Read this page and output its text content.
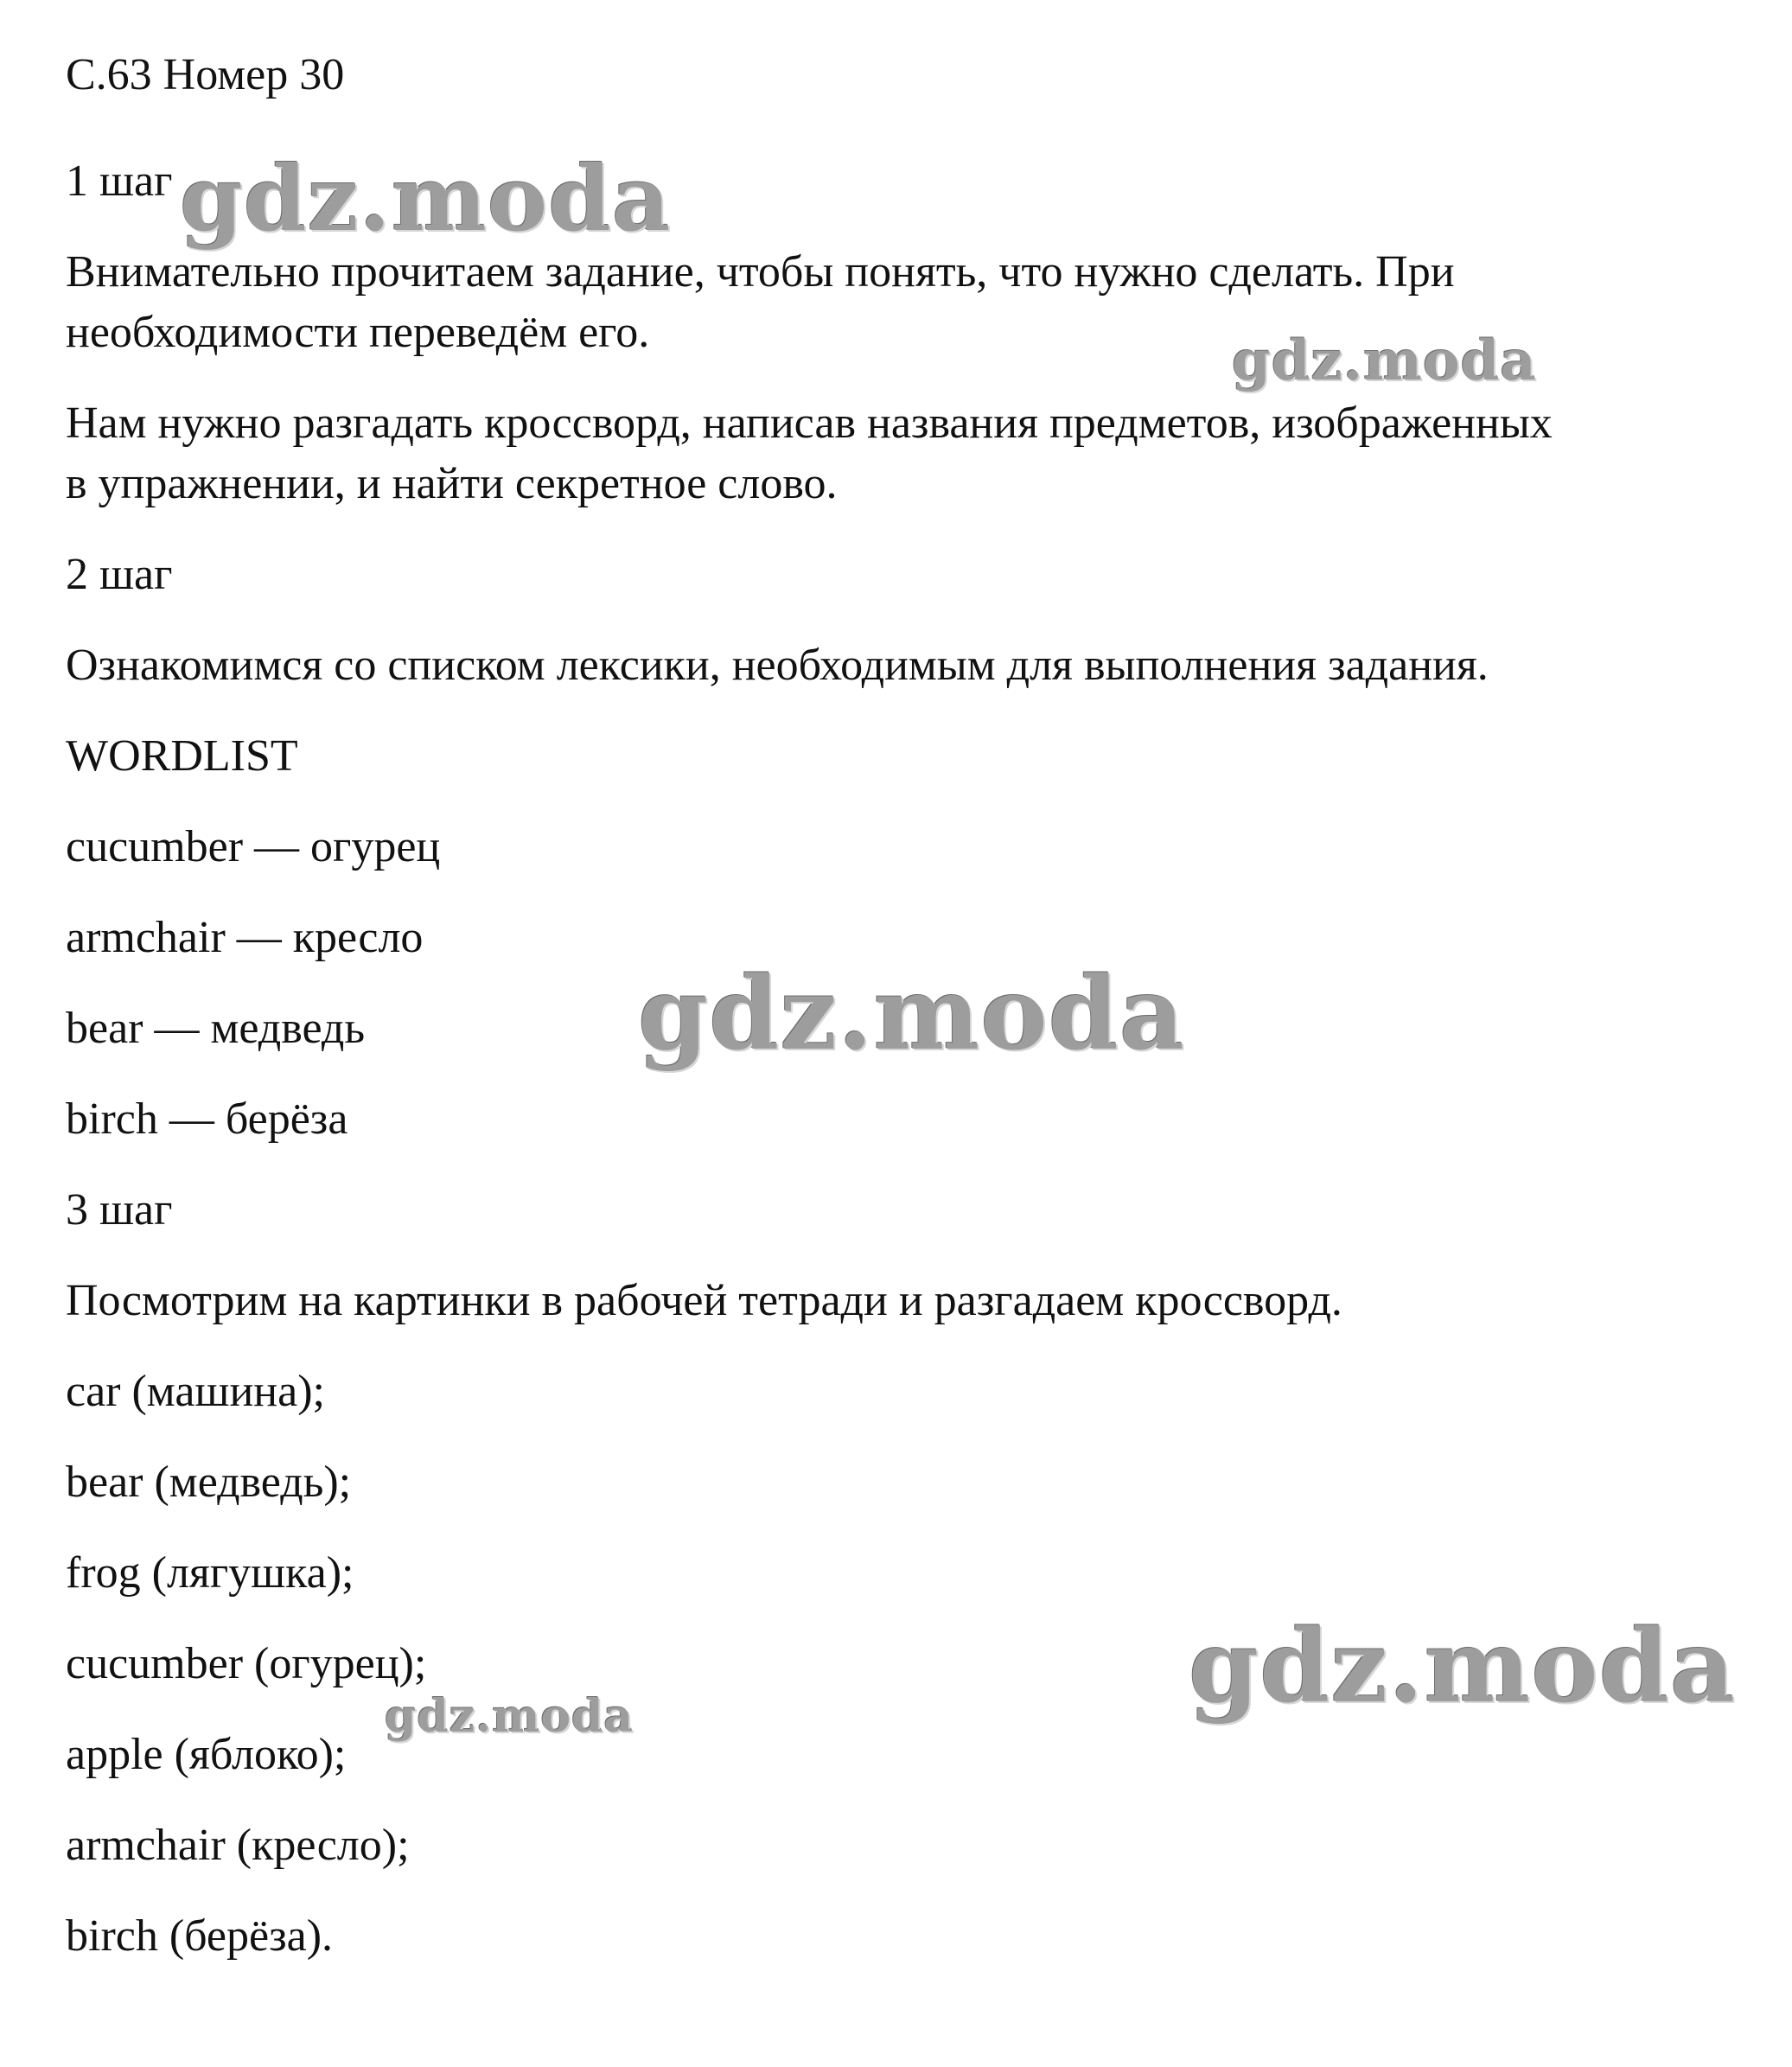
С.63 Номер 30
1 шаг
Внимательно прочитаем задание, чтобы понять, что нужно сделать. При
необходимости переведём его.
Нам нужно разгадать кроссворд, написав названия предметов, изображенных
в упражнении, и найти секретное слово.
2 шаг
Ознакомимся со списком лексики, необходимым для выполнения задания.
WORDLIST
cucumber — огурец
armchair — кресло
bear — медведь
birch — берёза
3 шаг
Посмотрим на картинки в рабочей тетради и разгадаем кроссворд.
car (машина);
bear (медведь);
frog (лягушка);
cucumber (огурец);
apple (яблоко);
armchair (кресло);
birch (берёза).
gdz.moda
gdz.moda
gdz.moda
gdz.moda
gdz.moda
